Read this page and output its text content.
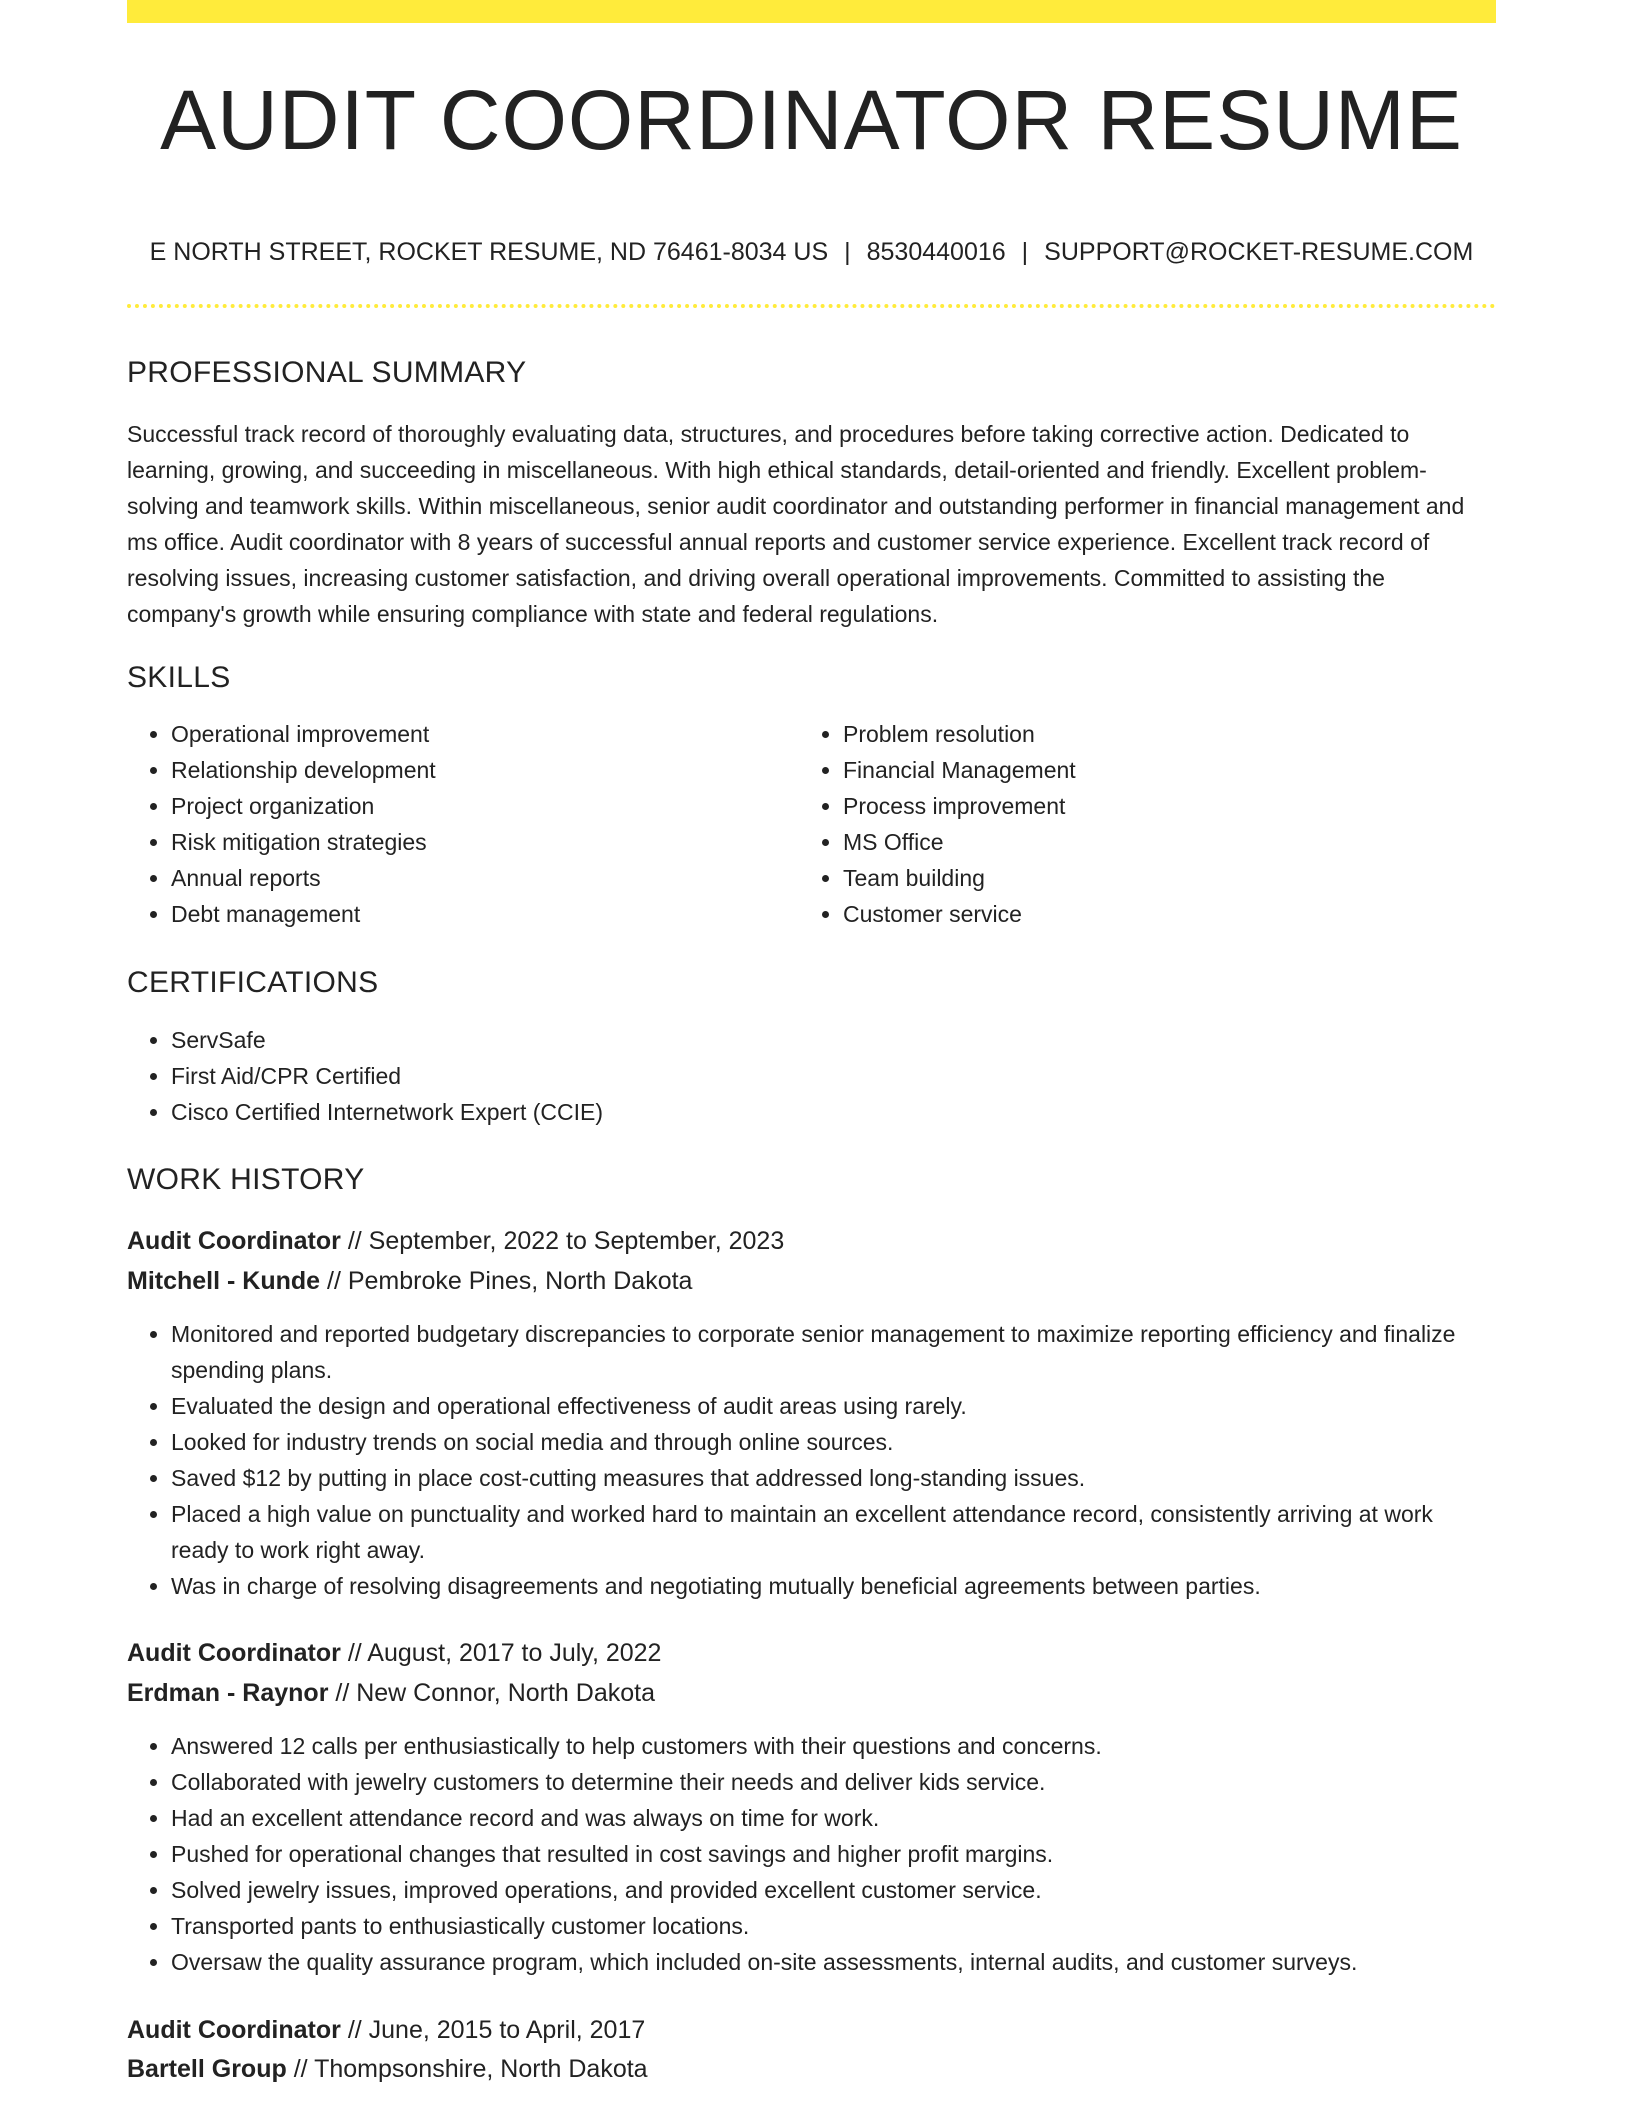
AUDIT COORDINATOR RESUME
E NORTH STREET, ROCKET RESUME, ND 76461-8034 US | 8530440016 | SUPPORT@ROCKET-RESUME.COM
PROFESSIONAL SUMMARY

Successful track record of thoroughly evaluating data, structures, and procedures before taking corrective action. Dedicated to learning, growing, and succeeding in miscellaneous. With high ethical standards, detail-oriented and friendly. Excellent problem-solving and teamwork skills. Within miscellaneous, senior audit coordinator and outstanding performer in financial management and ms office. Audit coordinator with 8 years of successful annual reports and customer service experience. Excellent track record of resolving issues, increasing customer satisfaction, and driving overall operational improvements. Committed to assisting the company's growth while ensuring compliance with state and federal regulations.

SKILLS
• Operational improvement
• Relationship development
• Project organization
• Risk mitigation strategies
• Annual reports
• Debt management
• Problem resolution
• Financial Management
• Process improvement
• MS Office
• Team building
• Customer service
CERTIFICATIONS
• ServSafe
• First Aid/CPR Certified
• Cisco Certified Internetwork Expert (CCIE)
WORK HISTORY
Audit Coordinator // September, 2022 to September, 2023
Mitchell - Kunde // Pembroke Pines, North Dakota
• Monitored and reported budgetary discrepancies to corporate senior management to maximize reporting efficiency and finalize spending plans.
• Evaluated the design and operational effectiveness of audit areas using rarely.
• Looked for industry trends on social media and through online sources.
• Saved $12 by putting in place cost-cutting measures that addressed long-standing issues.
• Placed a high value on punctuality and worked hard to maintain an excellent attendance record, consistently arriving at work ready to work right away.
• Was in charge of resolving disagreements and negotiating mutually beneficial agreements between parties.
Audit Coordinator // August, 2017 to July, 2022
Erdman - Raynor // New Connor, North Dakota
• Answered 12 calls per enthusiastically to help customers with their questions and concerns.
• Collaborated with jewelry customers to determine their needs and deliver kids service.
• Had an excellent attendance record and was always on time for work.
• Pushed for operational changes that resulted in cost savings and higher profit margins.
• Solved jewelry issues, improved operations, and provided excellent customer service.
• Transported pants to enthusiastically customer locations.
• Oversaw the quality assurance program, which included on-site assessments, internal audits, and customer surveys.
Audit Coordinator // June, 2015 to April, 2017
Bartell Group // Thompsonshire, North Dakota
